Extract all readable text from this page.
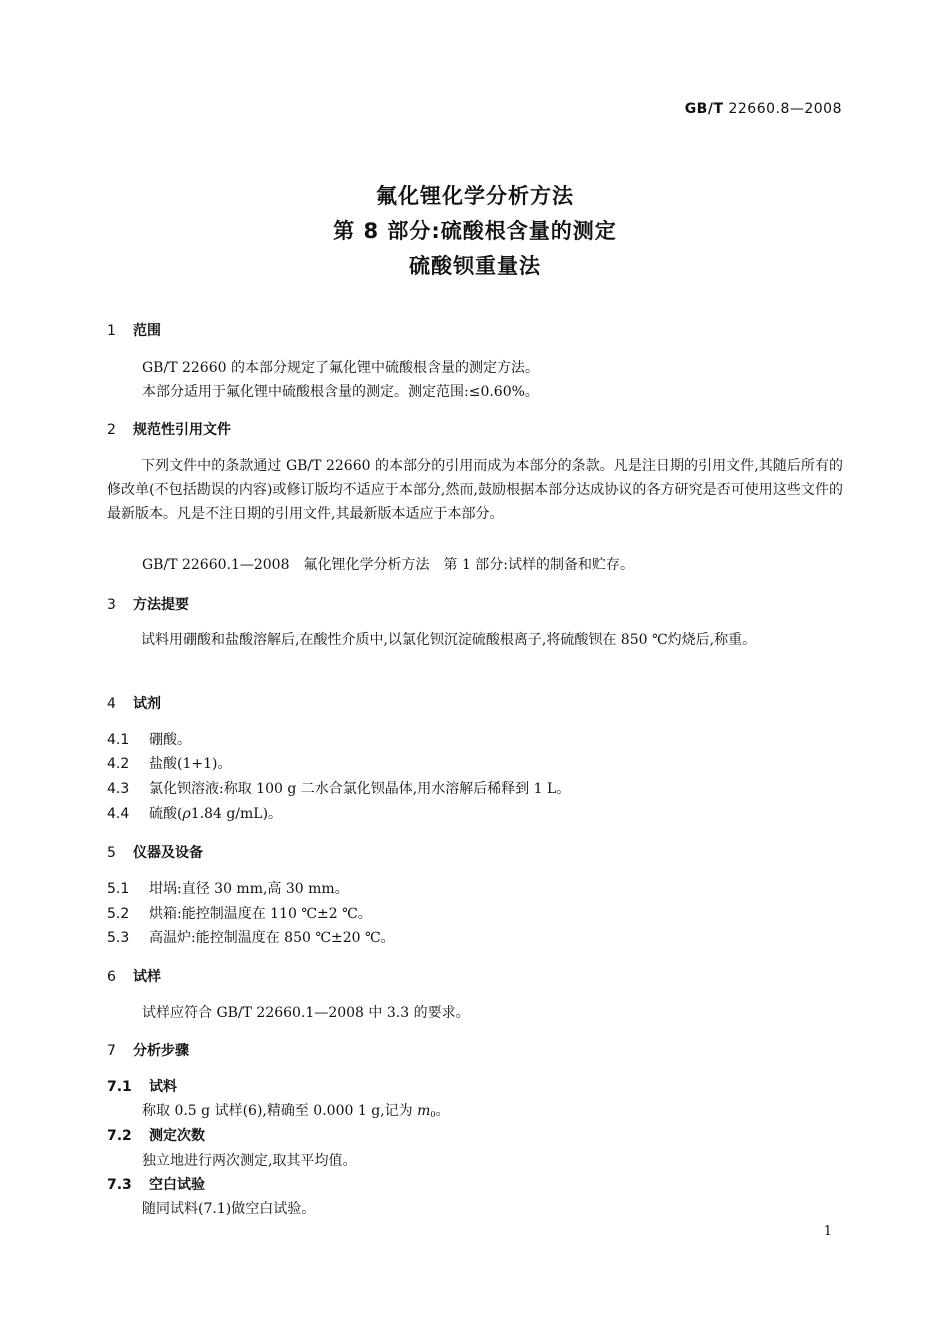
GB/T 22660.8—2008
氟化锂化学分析方法
第 8 部分:硫酸根含量的测定
硫酸钡重量法
1 范围
GB/T 22660 的本部分规定了氟化锂中硫酸根含量的测定方法。
本部分适用于氟化锂中硫酸根含量的测定。测定范围:≤0.60%。
2 规范性引用文件
下列文件中的条款通过 GB/T 22660 的本部分的引用而成为本部分的条款。凡是注日期的引用文件,其随后所有的修改单(不包括勘误的内容)或修订版均不适应于本部分,然而,鼓励根据本部分达成协议的各方研究是否可使用这些文件的最新版本。凡是不注日期的引用文件,其最新版本适应于本部分。
GB/T 22660.1—2008　氟化锂化学分析方法　第 1 部分:试样的制备和贮存。
3 方法提要
试料用硼酸和盐酸溶解后,在酸性介质中,以氯化钡沉淀硫酸根离子,将硫酸钡在 850 ℃灼烧后,称重。
4 试剂
4.1 硼酸。
4.2 盐酸(1+1)。
4.3 氯化钡溶液:称取 100 g 二水合氯化钡晶体,用水溶解后稀释到 1 L。
4.4 硫酸(ρ1.84 g/mL)。
5 仪器及设备
5.1 坩埚:直径 30 mm,高 30 mm。
5.2 烘箱:能控制温度在 110 ℃±2 ℃。
5.3 高温炉:能控制温度在 850 ℃±20 ℃。
6 试样
试样应符合 GB/T 22660.1—2008 中 3.3 的要求。
7 分析步骤
7.1 试料
称取 0.5 g 试样(6),精确至 0.000 1 g,记为 $m_0$。
7.2 测定次数
独立地进行两次测定,取其平均值。
7.3 空白试验
随同试料(7.1)做空白试验。
1
